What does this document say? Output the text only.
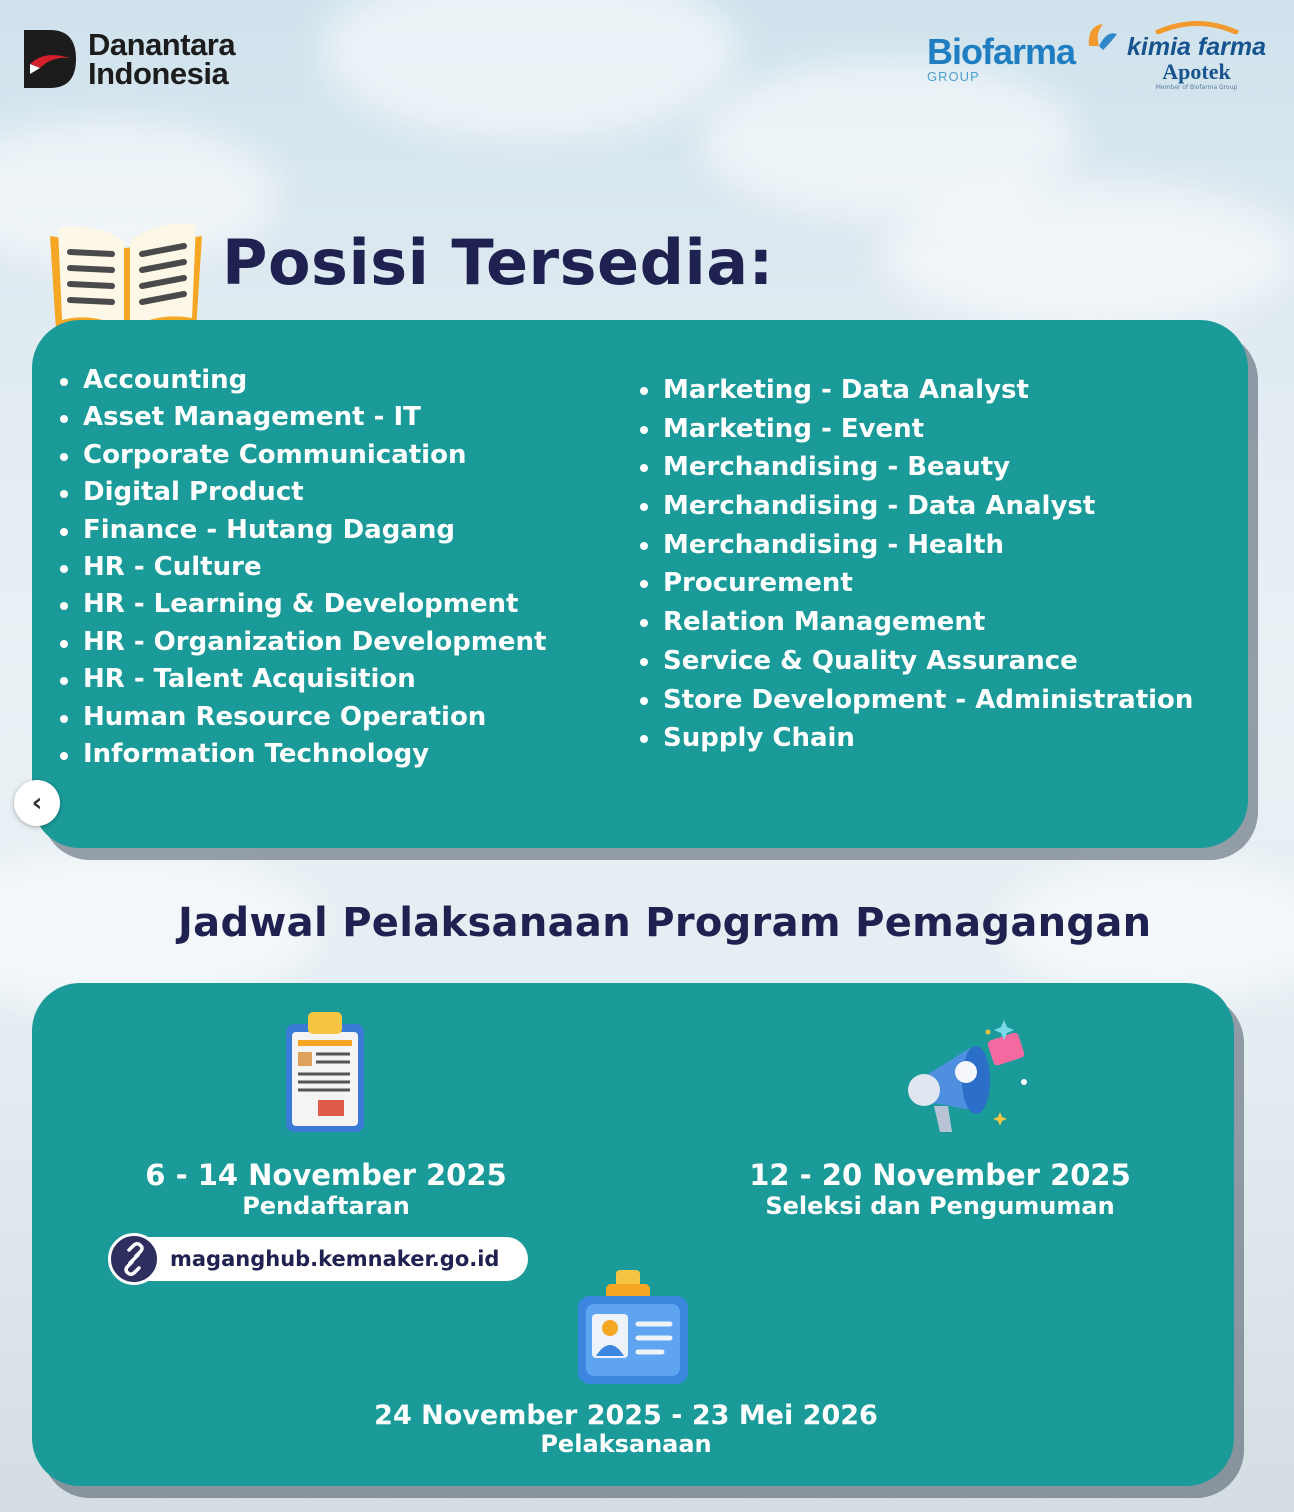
Danantara
Indonesia
Biofarma
GROUP
kimia farma
Apotek
Member of Biofarma Group
Posisi Tersedia:
Accounting
Asset Management - IT
Corporate Communication
Digital Product
Finance - Hutang Dagang
HR - Culture
HR - Learning & Development
HR - Organization Development
HR - Talent Acquisition
Human Resource Operation
Information Technology
Marketing - Data Analyst
Marketing - Event
Merchandising - Beauty
Merchandising - Data Analyst
Merchandising - Health
Procurement
Relation Management
Service & Quality Assurance
Store Development - Administration
Supply Chain
‹
Jadwal Pelaksanaan Program Pemagangan
6 - 14 November 2025
Pendaftaran
maganghub.kemnaker.go.id
12 - 20 November 2025
Seleksi dan Pengumuman
24 November 2025 - 23 Mei 2026
Pelaksanaan
